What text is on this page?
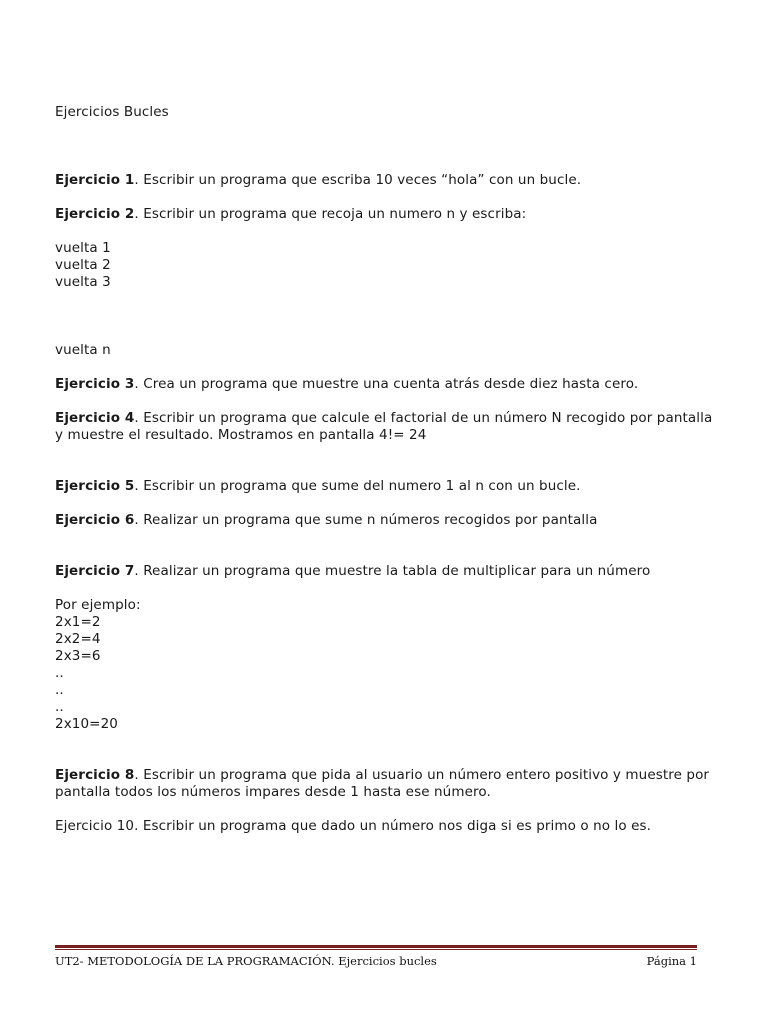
Ejercicios Bucles

Ejercicio 1. Escribir un programa que escriba 10 veces “hola” con un bucle.

Ejercicio 2. Escribir un programa que recoja un numero n y escriba:

vuelta 1

vuelta 2

vuelta 3

vuelta n

Ejercicio 3. Crea un programa que muestre una cuenta atrás desde diez hasta cero.

Ejercicio 4. Escribir un programa que calcule el factorial de un número N recogido por pantalla y muestre el resultado. Mostramos en pantalla 4!= 24

Ejercicio 5. Escribir un programa que sume del numero 1 al n con un bucle.

Ejercicio 6. Realizar un programa que sume n números recogidos por pantalla

Ejercicio 7. Realizar un programa que muestre la tabla de multiplicar para un número

Por ejemplo:

2x1=2

2x2=4

2x3=6

..

..

..

2x10=20

Ejercicio 8. Escribir un programa que pida al usuario un número entero positivo y muestre por pantalla todos los números impares desde 1 hasta ese número.

Ejercicio 10. Escribir un programa que dado un número nos diga si es primo o no lo es.

UT2- METODOLOGÍA DE LA PROGRAMACIÓN. Ejercicios bucles	Página 1
